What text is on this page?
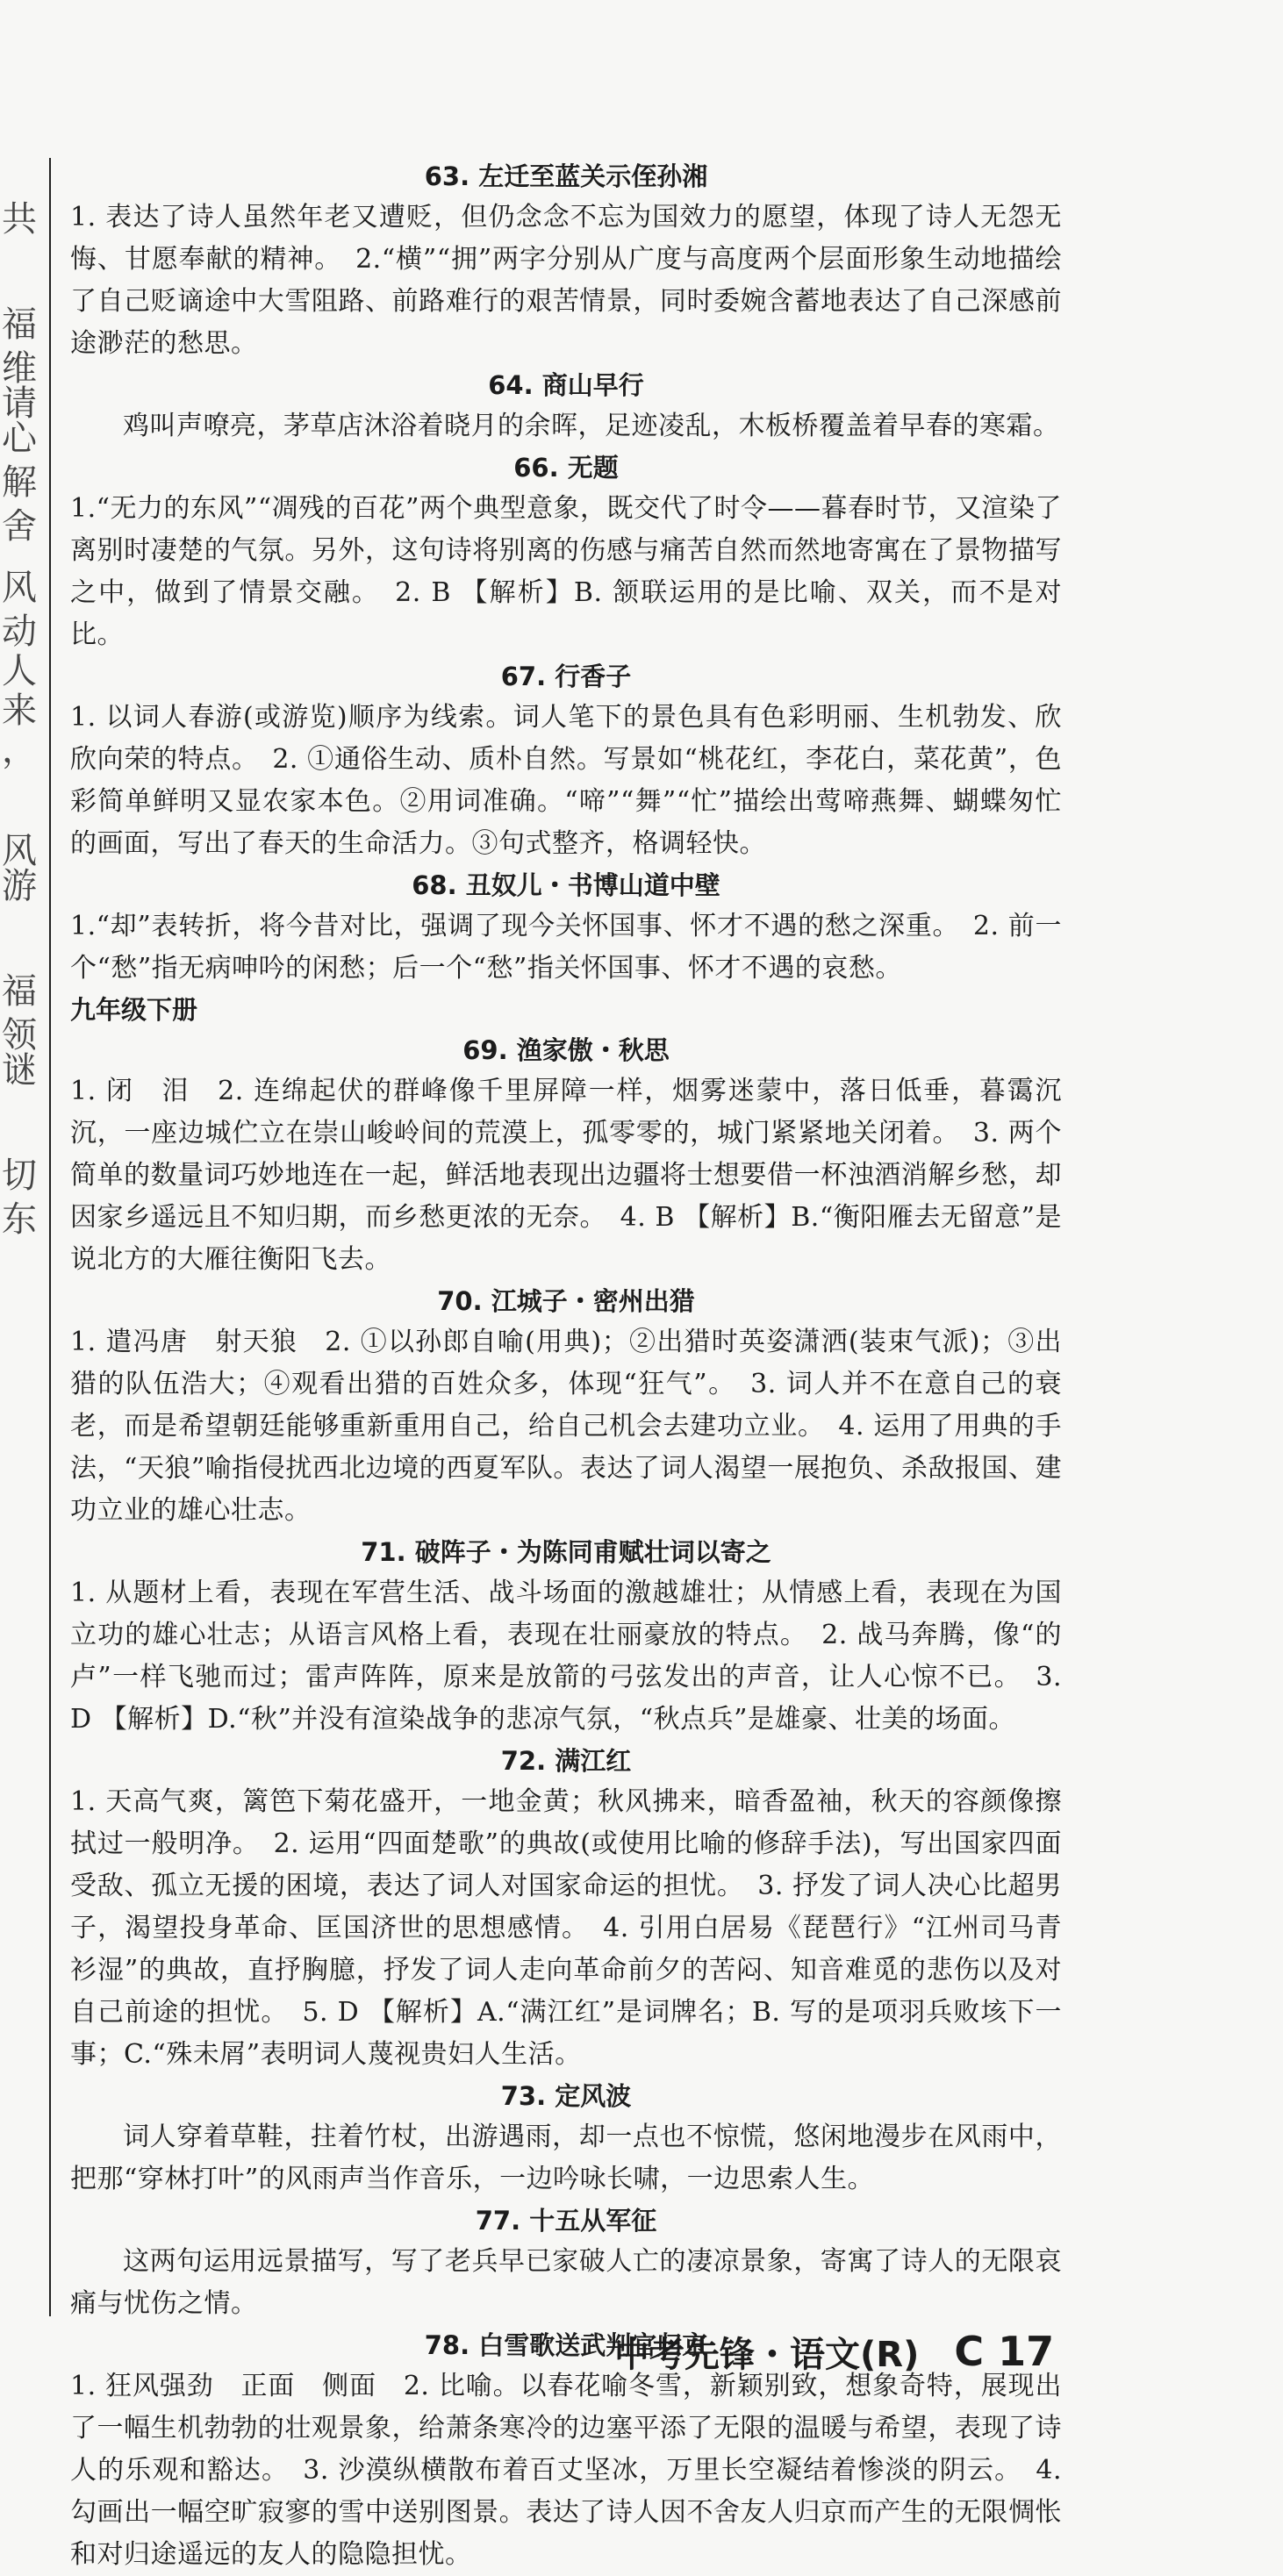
共
福
维
请
心
解
舍
风
动
人
来
，
风
游
福
领
谜
切
东

63. 左迁至蓝关示侄孙湘

1. 表达了诗人虽然年老又遭贬，但仍念念不忘为国效力的愿望，体现了诗人无怨无悔、甘愿奉献的精神。　2.“横”“拥”两字分别从广度与高度两个层面形象生动地描绘了自己贬谪途中大雪阻路、前路难行的艰苦情景，同时委婉含蓄地表达了自己深感前途渺茫的愁思。

64. 商山早行

鸡叫声嘹亮，茅草店沐浴着晓月的余晖，足迹凌乱，木板桥覆盖着早春的寒霜。

66. 无题

1.“无力的东风”“凋残的百花”两个典型意象，既交代了时令——暮春时节，又渲染了离别时凄楚的气氛。另外，这句诗将别离的伤感与痛苦自然而然地寄寓在了景物描写之中，做到了情景交融。　2. B 【解析】B. 颔联运用的是比喻、双关，而不是对比。

67. 行香子

1. 以词人春游(或游览)顺序为线索。词人笔下的景色具有色彩明丽、生机勃发、欣欣向荣的特点。　2. ①通俗生动、质朴自然。写景如“桃花红，李花白，菜花黄”，色彩简单鲜明又显农家本色。②用词准确。“啼”“舞”“忙”描绘出莺啼燕舞、蝴蝶匆忙的画面，写出了春天的生命活力。③句式整齐，格调轻快。

68. 丑奴儿・书博山道中壁

1.“却”表转折，将今昔对比，强调了现今关怀国事、怀才不遇的愁之深重。　2. 前一个“愁”指无病呻吟的闲愁；后一个“愁”指关怀国事、怀才不遇的哀愁。

九年级下册

69. 渔家傲・秋思

1. 闭　泪　2. 连绵起伏的群峰像千里屏障一样，烟雾迷蒙中，落日低垂，暮霭沉沉，一座边城伫立在崇山峻岭间的荒漠上，孤零零的，城门紧紧地关闭着。　3. 两个简单的数量词巧妙地连在一起，鲜活地表现出边疆将士想要借一杯浊酒消解乡愁，却因家乡遥远且不知归期，而乡愁更浓的无奈。　4. B 【解析】B.“衡阳雁去无留意”是说北方的大雁往衡阳飞去。

70. 江城子・密州出猎

1. 遣冯唐　射天狼　2. ①以孙郎自喻(用典)；②出猎时英姿潇洒(装束气派)；③出猎的队伍浩大；④观看出猎的百姓众多，体现“狂气”。　3. 词人并不在意自己的衰老，而是希望朝廷能够重新重用自己，给自己机会去建功立业。　4. 运用了用典的手法，“天狼”喻指侵扰西北边境的西夏军队。表达了词人渴望一展抱负、杀敌报国、建功立业的雄心壮志。

71. 破阵子・为陈同甫赋壮词以寄之

1. 从题材上看，表现在军营生活、战斗场面的激越雄壮；从情感上看，表现在为国立功的雄心壮志；从语言风格上看，表现在壮丽豪放的特点。　2. 战马奔腾，像“的卢”一样飞驰而过；雷声阵阵，原来是放箭的弓弦发出的声音，让人心惊不已。　3. D 【解析】D.“秋”并没有渲染战争的悲凉气氛，“秋点兵”是雄豪、壮美的场面。

72. 满江红

1. 天高气爽，篱笆下菊花盛开，一地金黄；秋风拂来，暗香盈袖，秋天的容颜像擦拭过一般明净。　2. 运用“四面楚歌”的典故(或使用比喻的修辞手法)，写出国家四面受敌、孤立无援的困境，表达了词人对国家命运的担忧。　3. 抒发了词人决心比超男子，渴望投身革命、匡国济世的思想感情。　4. 引用白居易《琵琶行》“江州司马青衫湿”的典故，直抒胸臆，抒发了词人走向革命前夕的苦闷、知音难觅的悲伤以及对自己前途的担忧。　5. D 【解析】A.“满江红”是词牌名；B. 写的是项羽兵败垓下一事；C.“殊未屑”表明词人蔑视贵妇人生活。

73. 定风波

词人穿着草鞋，拄着竹杖，出游遇雨，却一点也不惊慌，悠闲地漫步在风雨中，把那“穿林打叶”的风雨声当作音乐，一边吟咏长啸，一边思索人生。

77. 十五从军征

这两句运用远景描写，写了老兵早已家破人亡的凄凉景象，寄寓了诗人的无限哀痛与忧伤之情。

78. 白雪歌送武判官归京

1. 狂风强劲　正面　侧面　2. 比喻。以春花喻冬雪，新颖别致，想象奇特，展现出了一幅生机勃勃的壮观景象，给萧条寒冷的边塞平添了无限的温暖与希望，表现了诗人的乐观和豁达。　3. 沙漠纵横散布着百丈坚冰，万里长空凝结着惨淡的阴云。　4. 勾画出一幅空旷寂寥的雪中送别图景。表达了诗人因不舍友人归京而产生的无限惆怅和对归途遥远的友人的隐隐担忧。

中考先锋・语文(R) C 17
